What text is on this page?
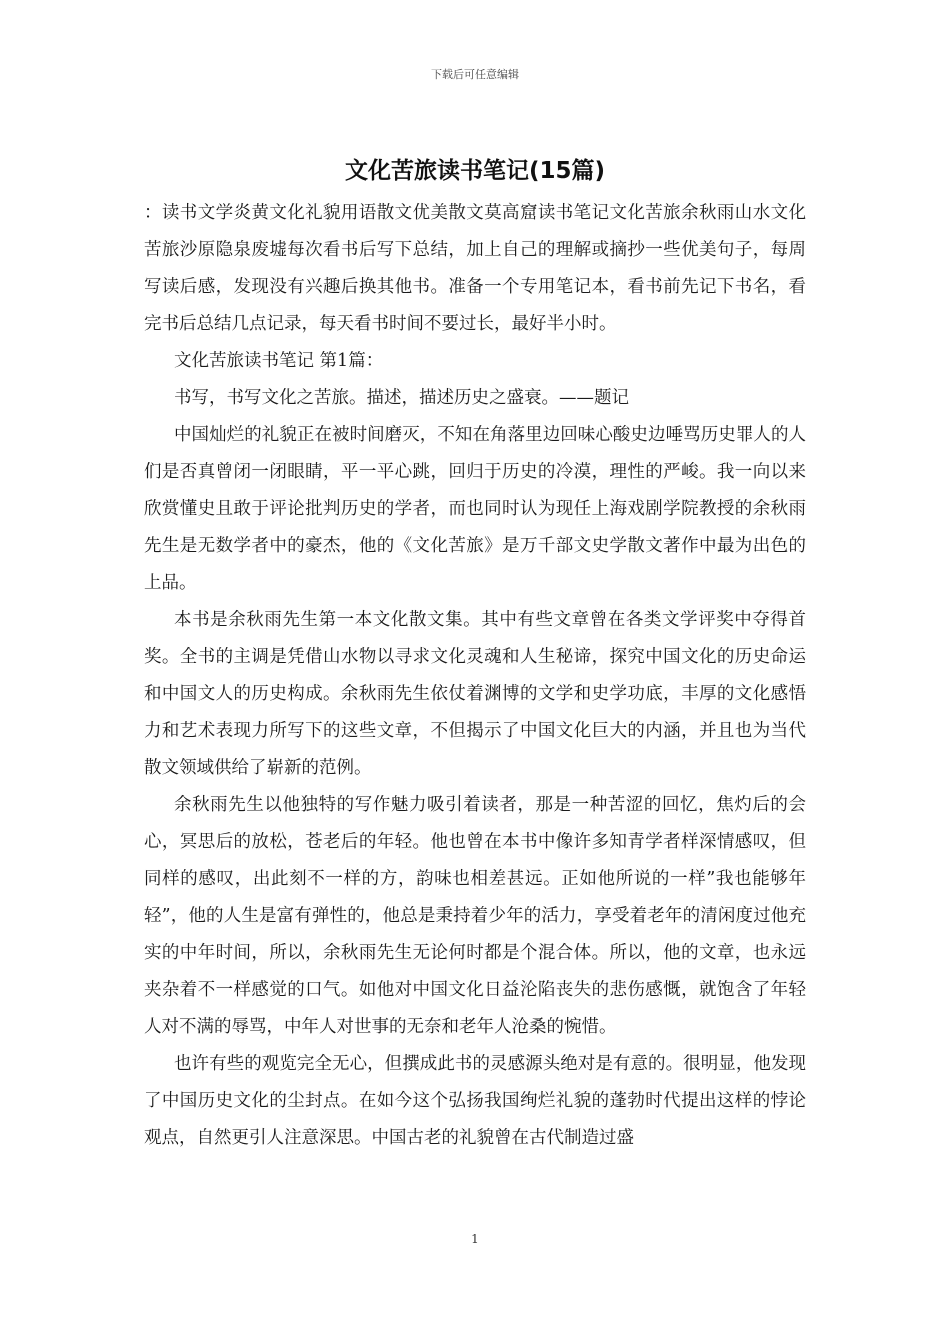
下载后可任意编辑
文化苦旅读书笔记(15篇)

：读书文学炎黄文化礼貌用语散文优美散文莫高窟读书笔记文化苦旅余秋雨山水文化苦旅沙原隐泉废墟每次看书后写下总结，加上自己的理解或摘抄一些优美句子，每周写读后感，发现没有兴趣后换其他书。准备一个专用笔记本，看书前先记下书名，看完书后总结几点记录，每天看书时间不要过长，最好半小时。

文化苦旅读书笔记 第1篇：

书写，书写文化之苦旅。描述，描述历史之盛衰。——题记

中国灿烂的礼貌正在被时间磨灭，不知在角落里边回味心酸史边唾骂历史罪人的人们是否真曾闭一闭眼睛，平一平心跳，回归于历史的冷漠，理性的严峻。我一向以来欣赏懂史且敢于评论批判历史的学者，而也同时认为现任上海戏剧学院教授的余秋雨先生是无数学者中的豪杰，他的《文化苦旅》是万千部文史学散文著作中最为出色的上品。

本书是余秋雨先生第一本文化散文集。其中有些文章曾在各类文学评奖中夺得首奖。全书的主调是凭借山水物以寻求文化灵魂和人生秘谛，探究中国文化的历史命运和中国文人的历史构成。余秋雨先生依仗着渊博的文学和史学功底，丰厚的文化感悟力和艺术表现力所写下的这些文章，不但揭示了中国文化巨大的内涵，并且也为当代散文领域供给了崭新的范例。

余秋雨先生以他独特的写作魅力吸引着读者，那是一种苦涩的回忆，焦灼后的会心，冥思后的放松，苍老后的年轻。他也曾在本书中像许多知青学者样深情感叹，但同样的感叹，出此刻不一样的方，韵味也相差甚远。正如他所说的一样”我也能够年轻”，他的人生是富有弹性的，他总是秉持着少年的活力，享受着老年的清闲度过他充实的中年时间，所以，余秋雨先生无论何时都是个混合体。所以，他的文章，也永远夹杂着不一样感觉的口气。如他对中国文化日益沦陷丧失的悲伤感慨，就饱含了年轻人对不满的辱骂，中年人对世事的无奈和老年人沧桑的惋惜。

也许有些的观览完全无心，但撰成此书的灵感源头绝对是有意的。很明显，他发现了中国历史文化的尘封点。在如今这个弘扬我国绚烂礼貌的蓬勃时代提出这样的悖论观点，自然更引人注意深思。中国古老的礼貌曾在古代制造过盛

1
